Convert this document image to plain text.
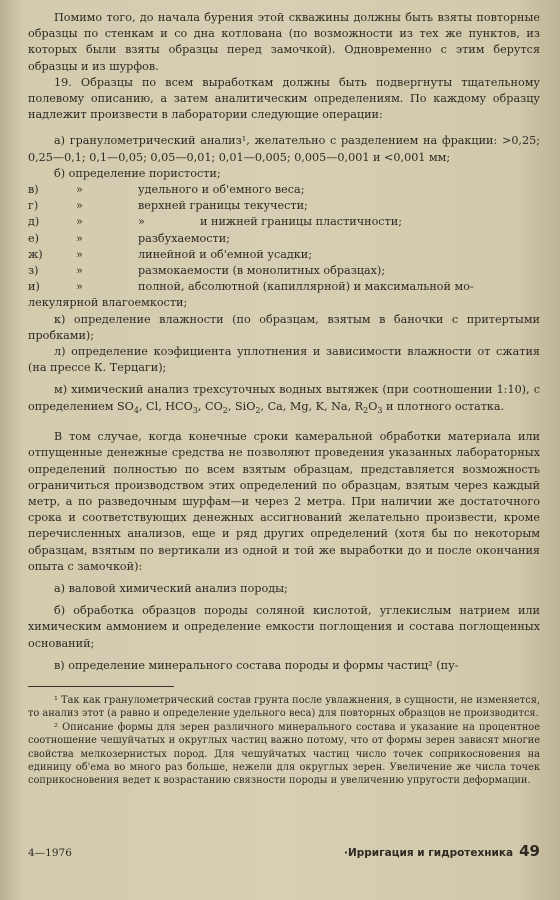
Помимо того, до начала бурения этой скважины должны быть взяты повторные образцы по стенкам и со дна котлована (по возможности из тех же пунктов, из которых были взяты образцы перед замочкой). Одновременно с этим берутся образцы и из шурфов.

19. Образцы по всем выработкам должны быть подвергнуты тщательному полевому описанию, а затем аналитическим определениям. По каждому образцу надлежит произвести в лаборатории следующие операции:

а) гранулометрический анализ¹, желательно с разделением на фракции: >0,25; 0,25—0,1; 0,1—0,05; 0,05—0,01; 0,01—0,005; 0,005—0,001 и <0,001 мм;

б) определение пористости;

в)	»	удельного и об'емного веса;
г)	»	верхней границы текучести;
д)	»	»	и нижней границы пластичности;
е)	»	разбухаемости;
ж)	»	линейной и об'емной усадки;
з)	»	размокаемости (в монолитных образцах);
и)	»	полной, абсолютной (капиллярной) и максимальной мо-

лекулярной влагоемкости;

к) определение влажности (по образцам, взятым в баночки с притертыми пробками);

л) определение коэфициента уплотнения и зависимости влажности от сжатия (на прессе К. Терцаги);

м) химический анализ трехсуточных водных вытяжек (при соотношении 1:10), с определением $SO_4$, Cl, $HCO_3$, $CO_2$, SiO$_2$, Ca, Mg, K, Na, $R_2O_3$ и плотного остатка.

В том случае, когда конечные сроки камеральной обработки материала или отпущенные денежные средства не позволяют проведения указанных лабораторных определений полностью по всем взятым образцам, представляется возможность ограничиться производством этих определений по образцам, взятым через каждый метр, а по разведочным шурфам—и через 2 метра. При наличии же достаточного срока и соответствующих денежных ассигнований желательно произвести, кроме перечисленных анализов, еще и ряд других определений (хотя бы по некоторым образцам, взятым по вертикали из одной и той же выработки до и после окончания опыта с замочкой):

а) валовой химический анализ породы;

б) обработка образцов породы соляной кислотой, углекислым натрием или химическим аммонием и определение емкости поглощения и состава поглощенных оснований;

в) определение минерального состава породы и формы частиц² (пу-

¹ Так как гранулометрический состав грунта после увлажнения, в сущности, не изменяется, то анализ этот (а равно и определение удельного веса) для повторных образцов не производится.

² Описание формы для зерен различного минерального состава и указание на процентное соотношение чешуйчатых и округлых частиц важно потому, что от формы зерен зависят многие свойства мелкозернистых пород. Для чешуйчатых частиц число точек соприкосновения на единицу об'ема во много раз больше, нежели для округлых зерен. Увеличение же числа точек соприкосновения ведет к возрастанию связности породы и увеличению упругости деформации.

4—1976	·Ирригация и гидротехника 49
